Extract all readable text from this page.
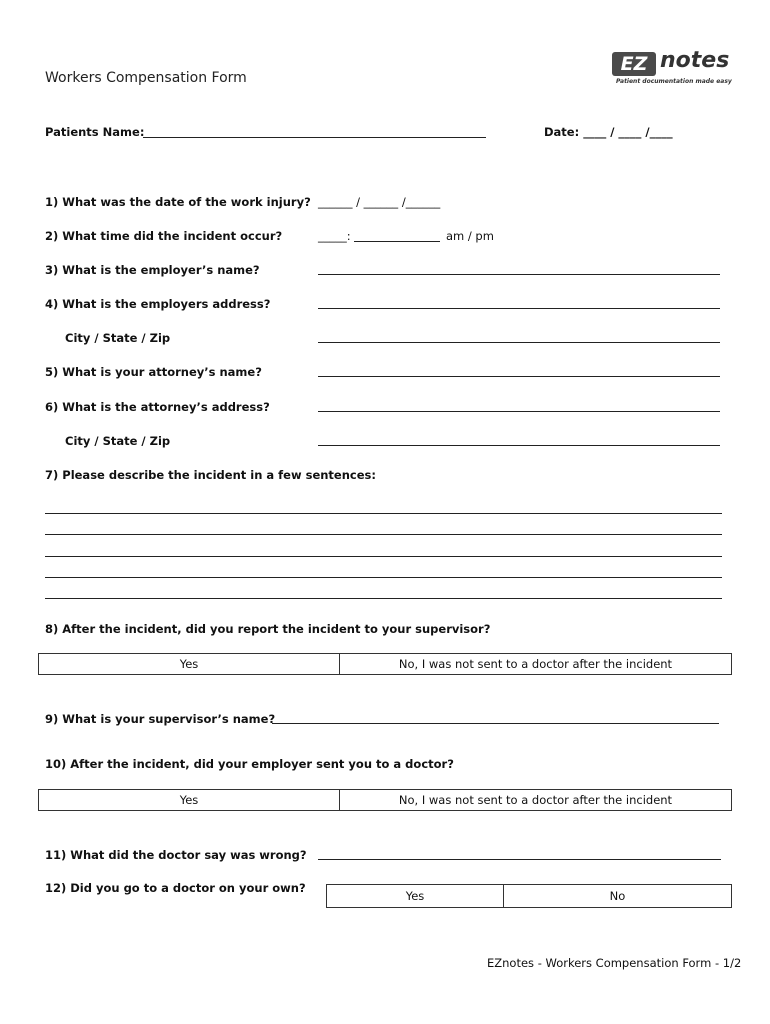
Workers Compensation Form
EZ notes
Patient documentation made easy
Patients Name:	Date: ____ / ____ /____
1) What was the date of the work injury? ______ / ______ /______
2) What time did the incident occur?	_____:	am / pm
3) What is the employer’s name?
4) What is the employers address?
City / State / Zip
5) What is your attorney’s name?
6) What is the attorney’s address?
City / State / Zip
7) Please describe the incident in a few sentences:
8) After the incident, did you report the incident to your supervisor?
Yes	No, I was not sent to a doctor after the incident
9) What is your supervisor’s name?
10) After the incident, did your employer sent you to a doctor?
Yes	No, I was not sent to a doctor after the incident
11) What did the doctor say was wrong?
12) Did you go to a doctor on your own?
Yes	No
EZnotes - Workers Compensation Form - 1/2
